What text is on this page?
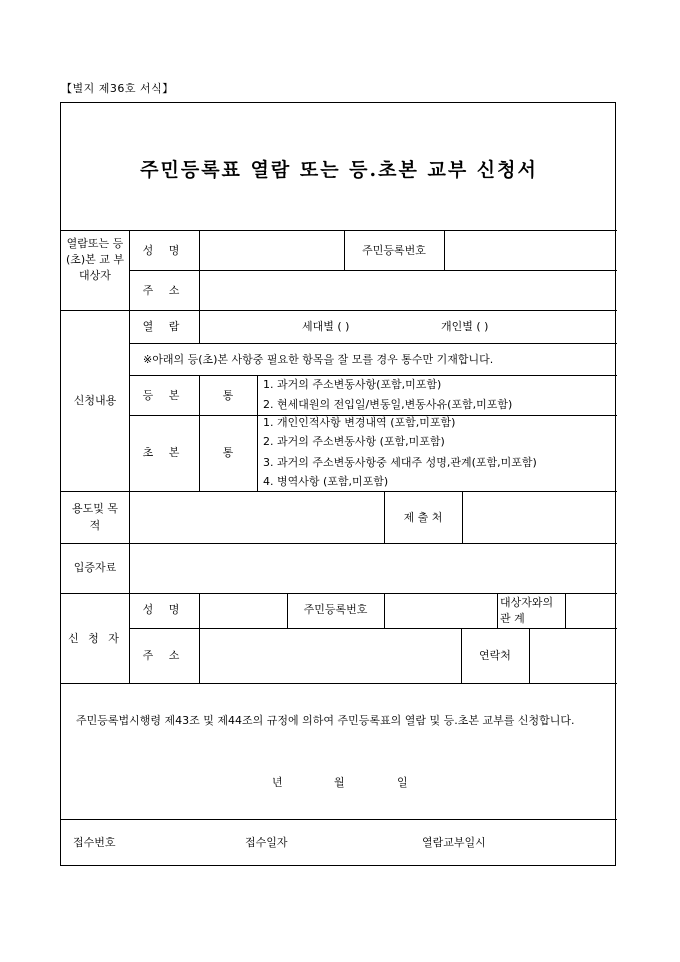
【별지 제36호 서식】
주민등록표 열람 또는 등.초본 교부 신청서
열람또는 등(초)본 교 부 대상자
성 명	주민등록번호
주 소
신청내용
열 람	세대별 ( )	개인별 ( )
※아래의 등(초)본 사항중 필요한 항목을 잘 모를 경우 통수만 기재합니다.
등 본	통
1. 과거의 주소변동사항(포함,미포함)
2. 현세대원의 전입일/변동일,변동사유(포함,미포함)
초 본	통
1. 개인인적사항 변경내역 (포함,미포함)
2. 과거의 주소변동사항 (포함,미포함)
3. 과거의 주소변동사항중 세대주 성명,관계(포함,미포함)
4. 병역사항 (포함,미포함)
용도및 목적
제 출 처
입증자료
신 청 자
성 명	주민등록번호
대상자와의 관 계
주 소	연락처
주민등록법시행령 제43조 및 제44조의 규정에 의하여 주민등록표의 열람 및 등.초본 교부를 신청합니다.
년	월	일
접수번호	접수일자	열람교부일시
